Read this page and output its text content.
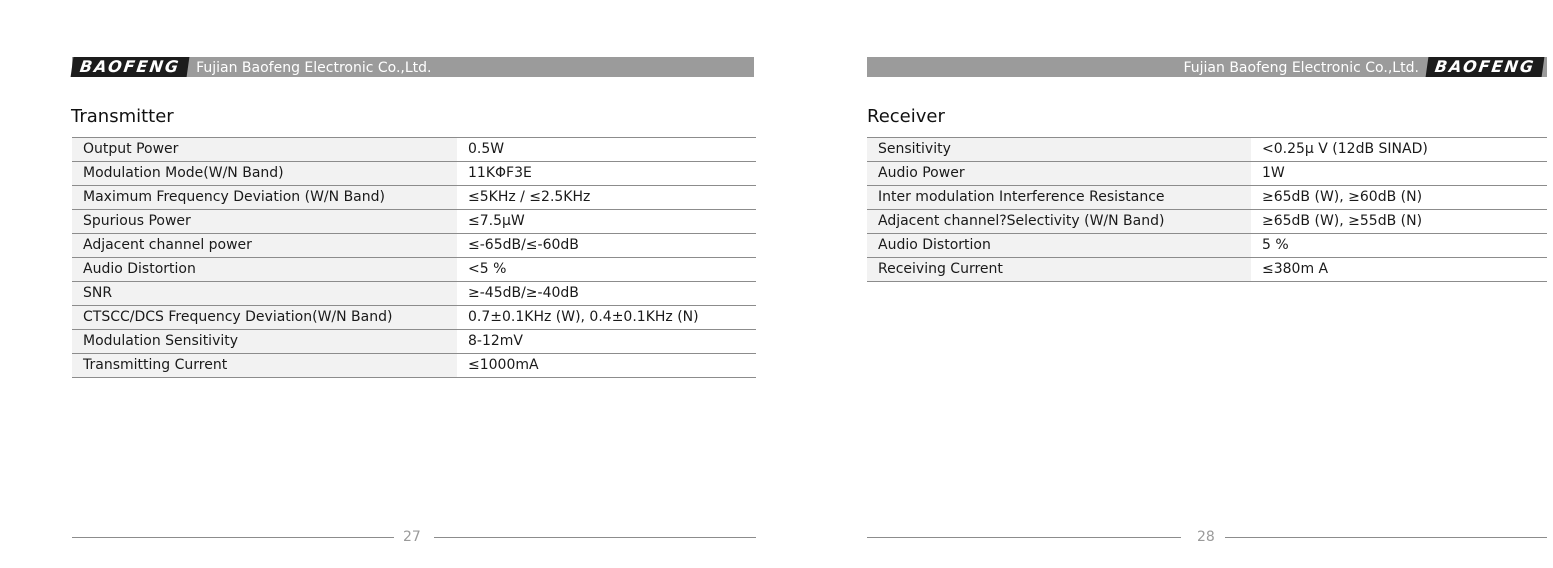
BAOFENG Fujian Baofeng Electronic Co.,Ltd.
Transmitter
Output Power	0.5W
Modulation Mode(W/N Band)	11KΦF3E
Maximum Frequency Deviation (W/N Band)	≤5KHz / ≤2.5KHz
Spurious Power	≤7.5μW
Adjacent channel power	≤-65dB/≤-60dB
Audio Distortion	<5 %
SNR	≥-45dB/≥-40dB
CTSCC/DCS Frequency Deviation(W/N Band)	0.7±0.1KHz (W), 0.4±0.1KHz (N)
Modulation Sensitivity	8-12mV
Transmitting Current	≤1000mA
27
Fujian Baofeng Electronic Co.,Ltd. BAOFENG
Receiver
Sensitivity	<0.25μ V (12dB SINAD)
Audio Power	1W
Inter modulation Interference Resistance	≥65dB (W), ≥60dB (N)
Adjacent channel?Selectivity (W/N Band)	≥65dB (W), ≥55dB (N)
Audio Distortion	5 %
Receiving Current	≤380m A
28
